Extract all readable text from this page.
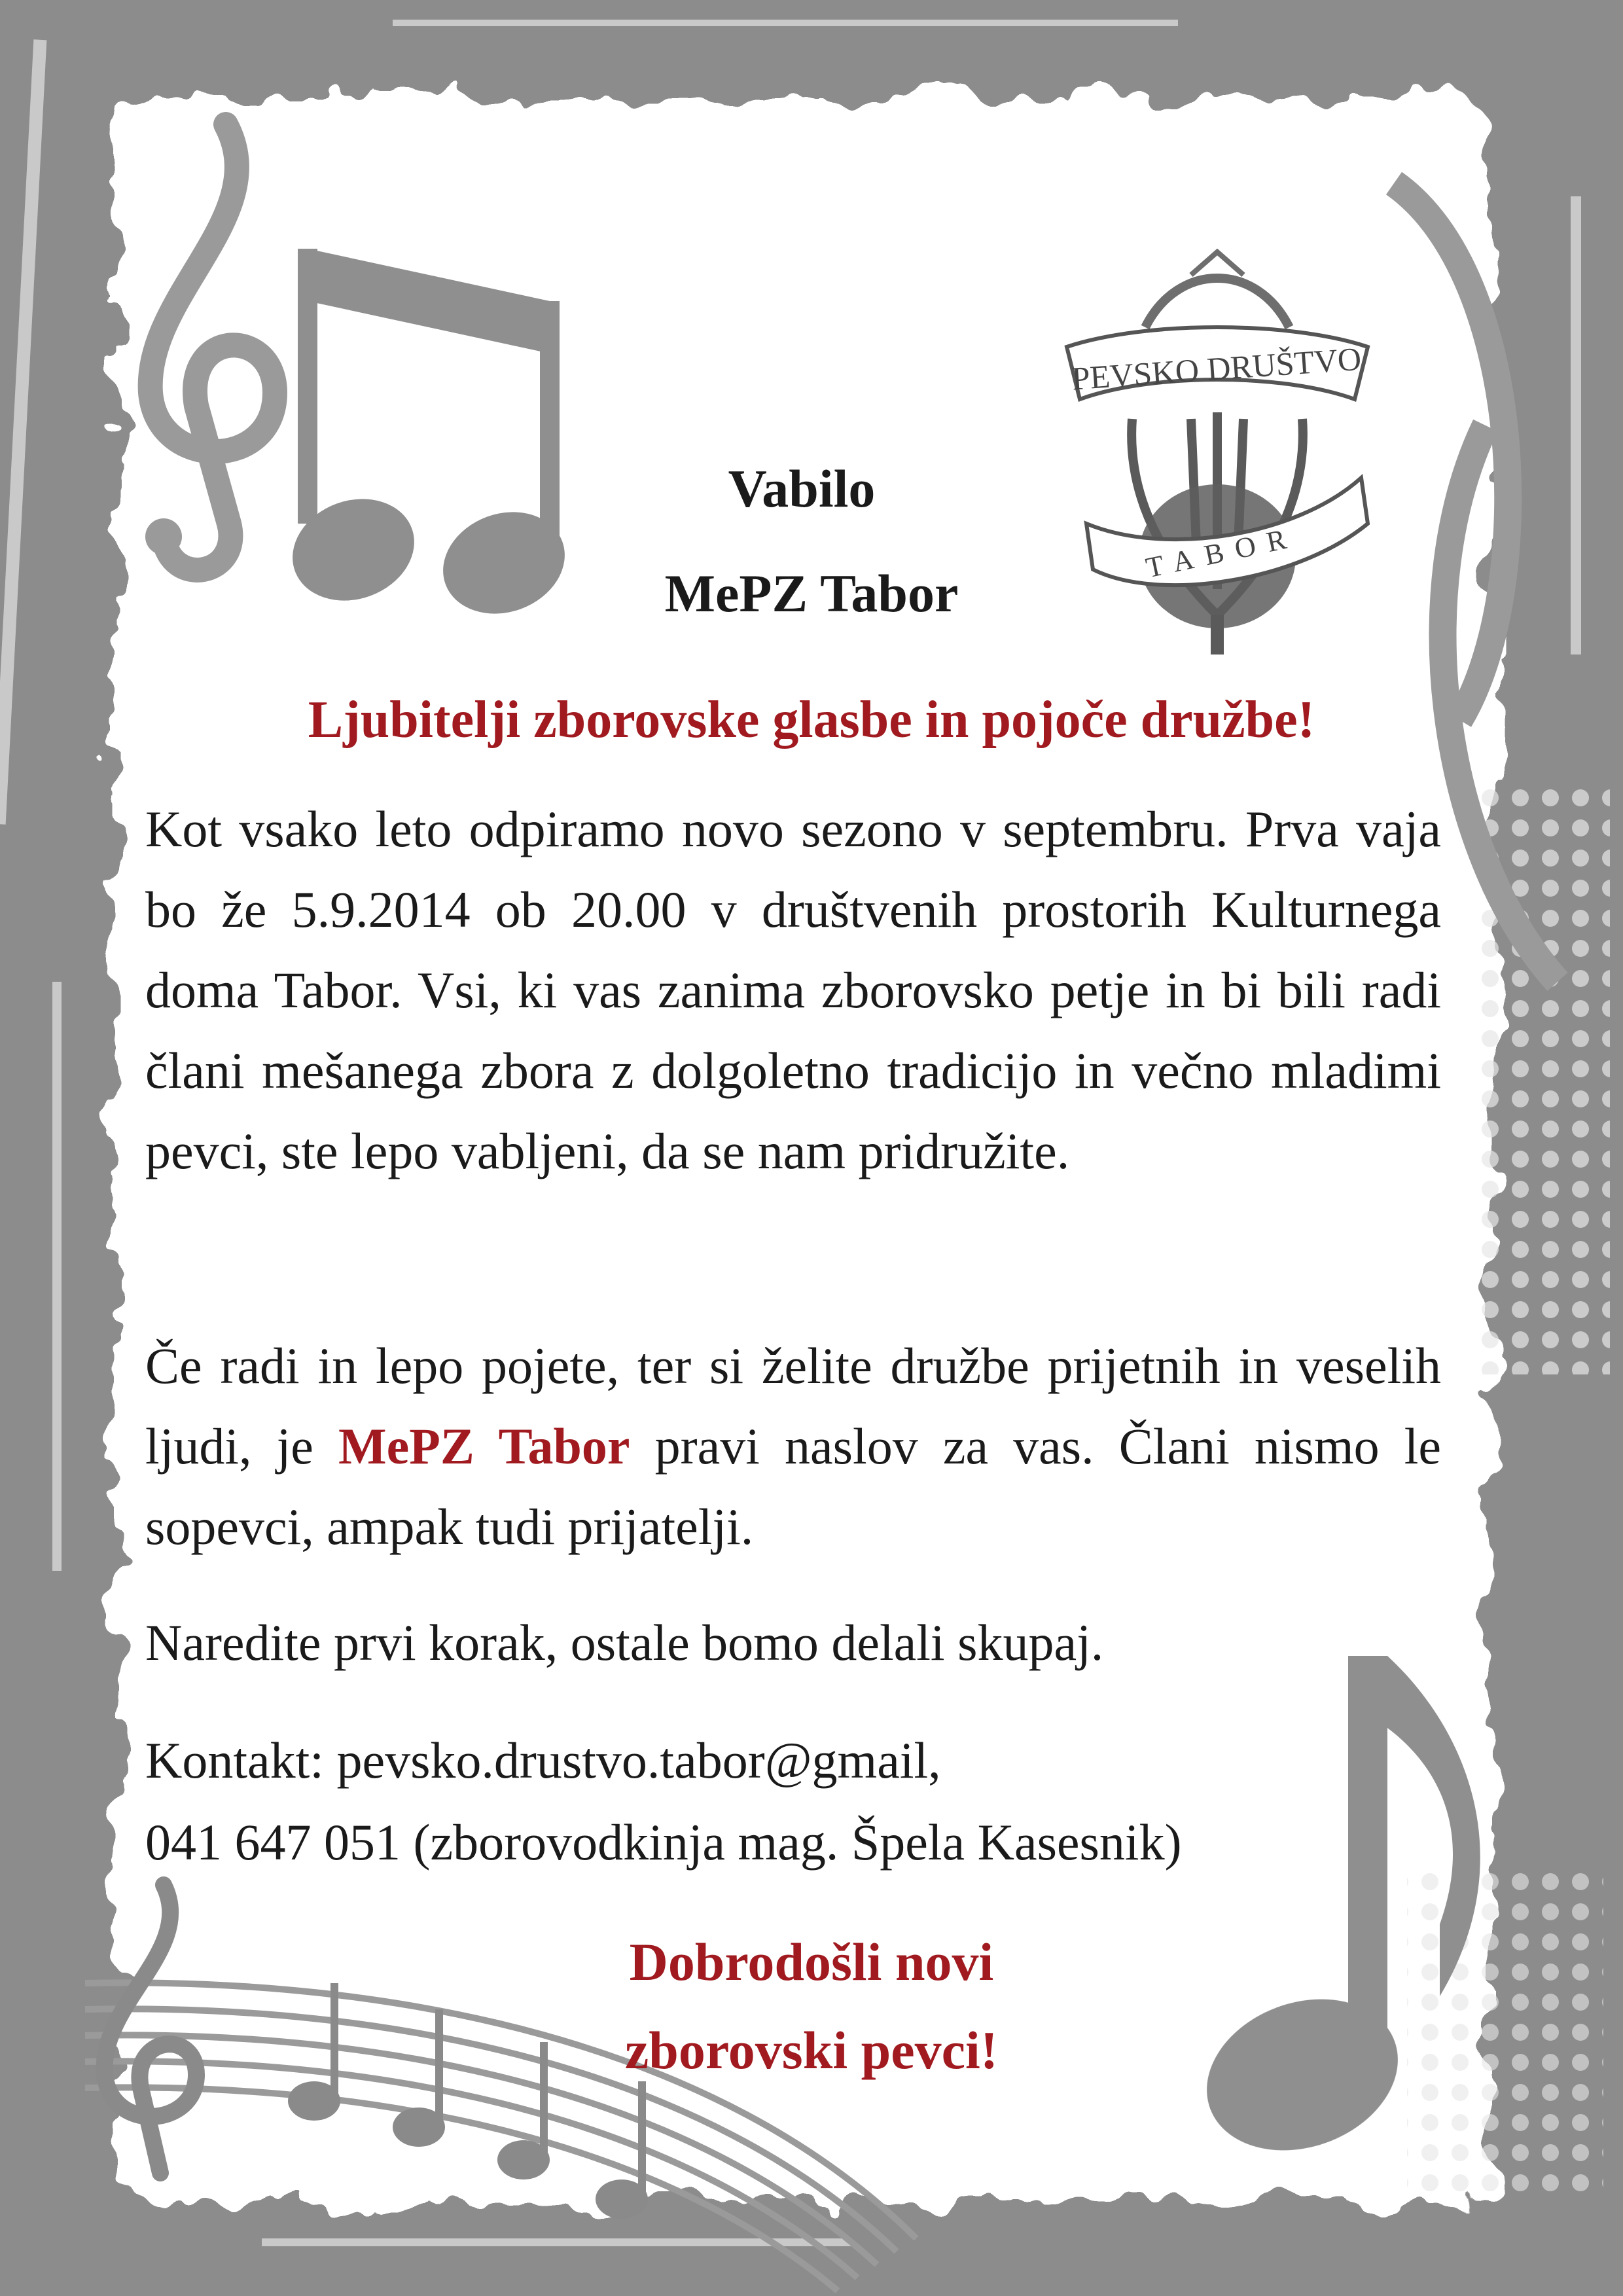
PEVSKO DRUŠTVO
TABOR
Vabilo
MePZ Tabor
Ljubitelji zborovske glasbe in pojoče družbe!

Kot vsako leto odpiramo novo sezono v septembru. Prva vaja bo že 5.9.2014 ob 20.00 v društvenih prostorih Kulturnega doma Tabor. Vsi, ki vas zanima zborovsko petje in bi bili radi člani mešanega zbora z dolgoletno tradicijo in večno mladimi pevci, ste lepo vabljeni, da se nam pridružite.

Če radi in lepo pojete, ter si želite družbe prijetnih in veselih ljudi, je MePZ Tabor pravi naslov za vas. Člani nismo le sopevci, ampak tudi prijatelji.

Naredite prvi korak, ostale bomo delali skupaj.
Kontakt: pevsko.drustvo.tabor@gmail,
041 647 051 (zborovodkinja mag. Špela Kasesnik)
Dobrodošli novi
zborovski pevci!
